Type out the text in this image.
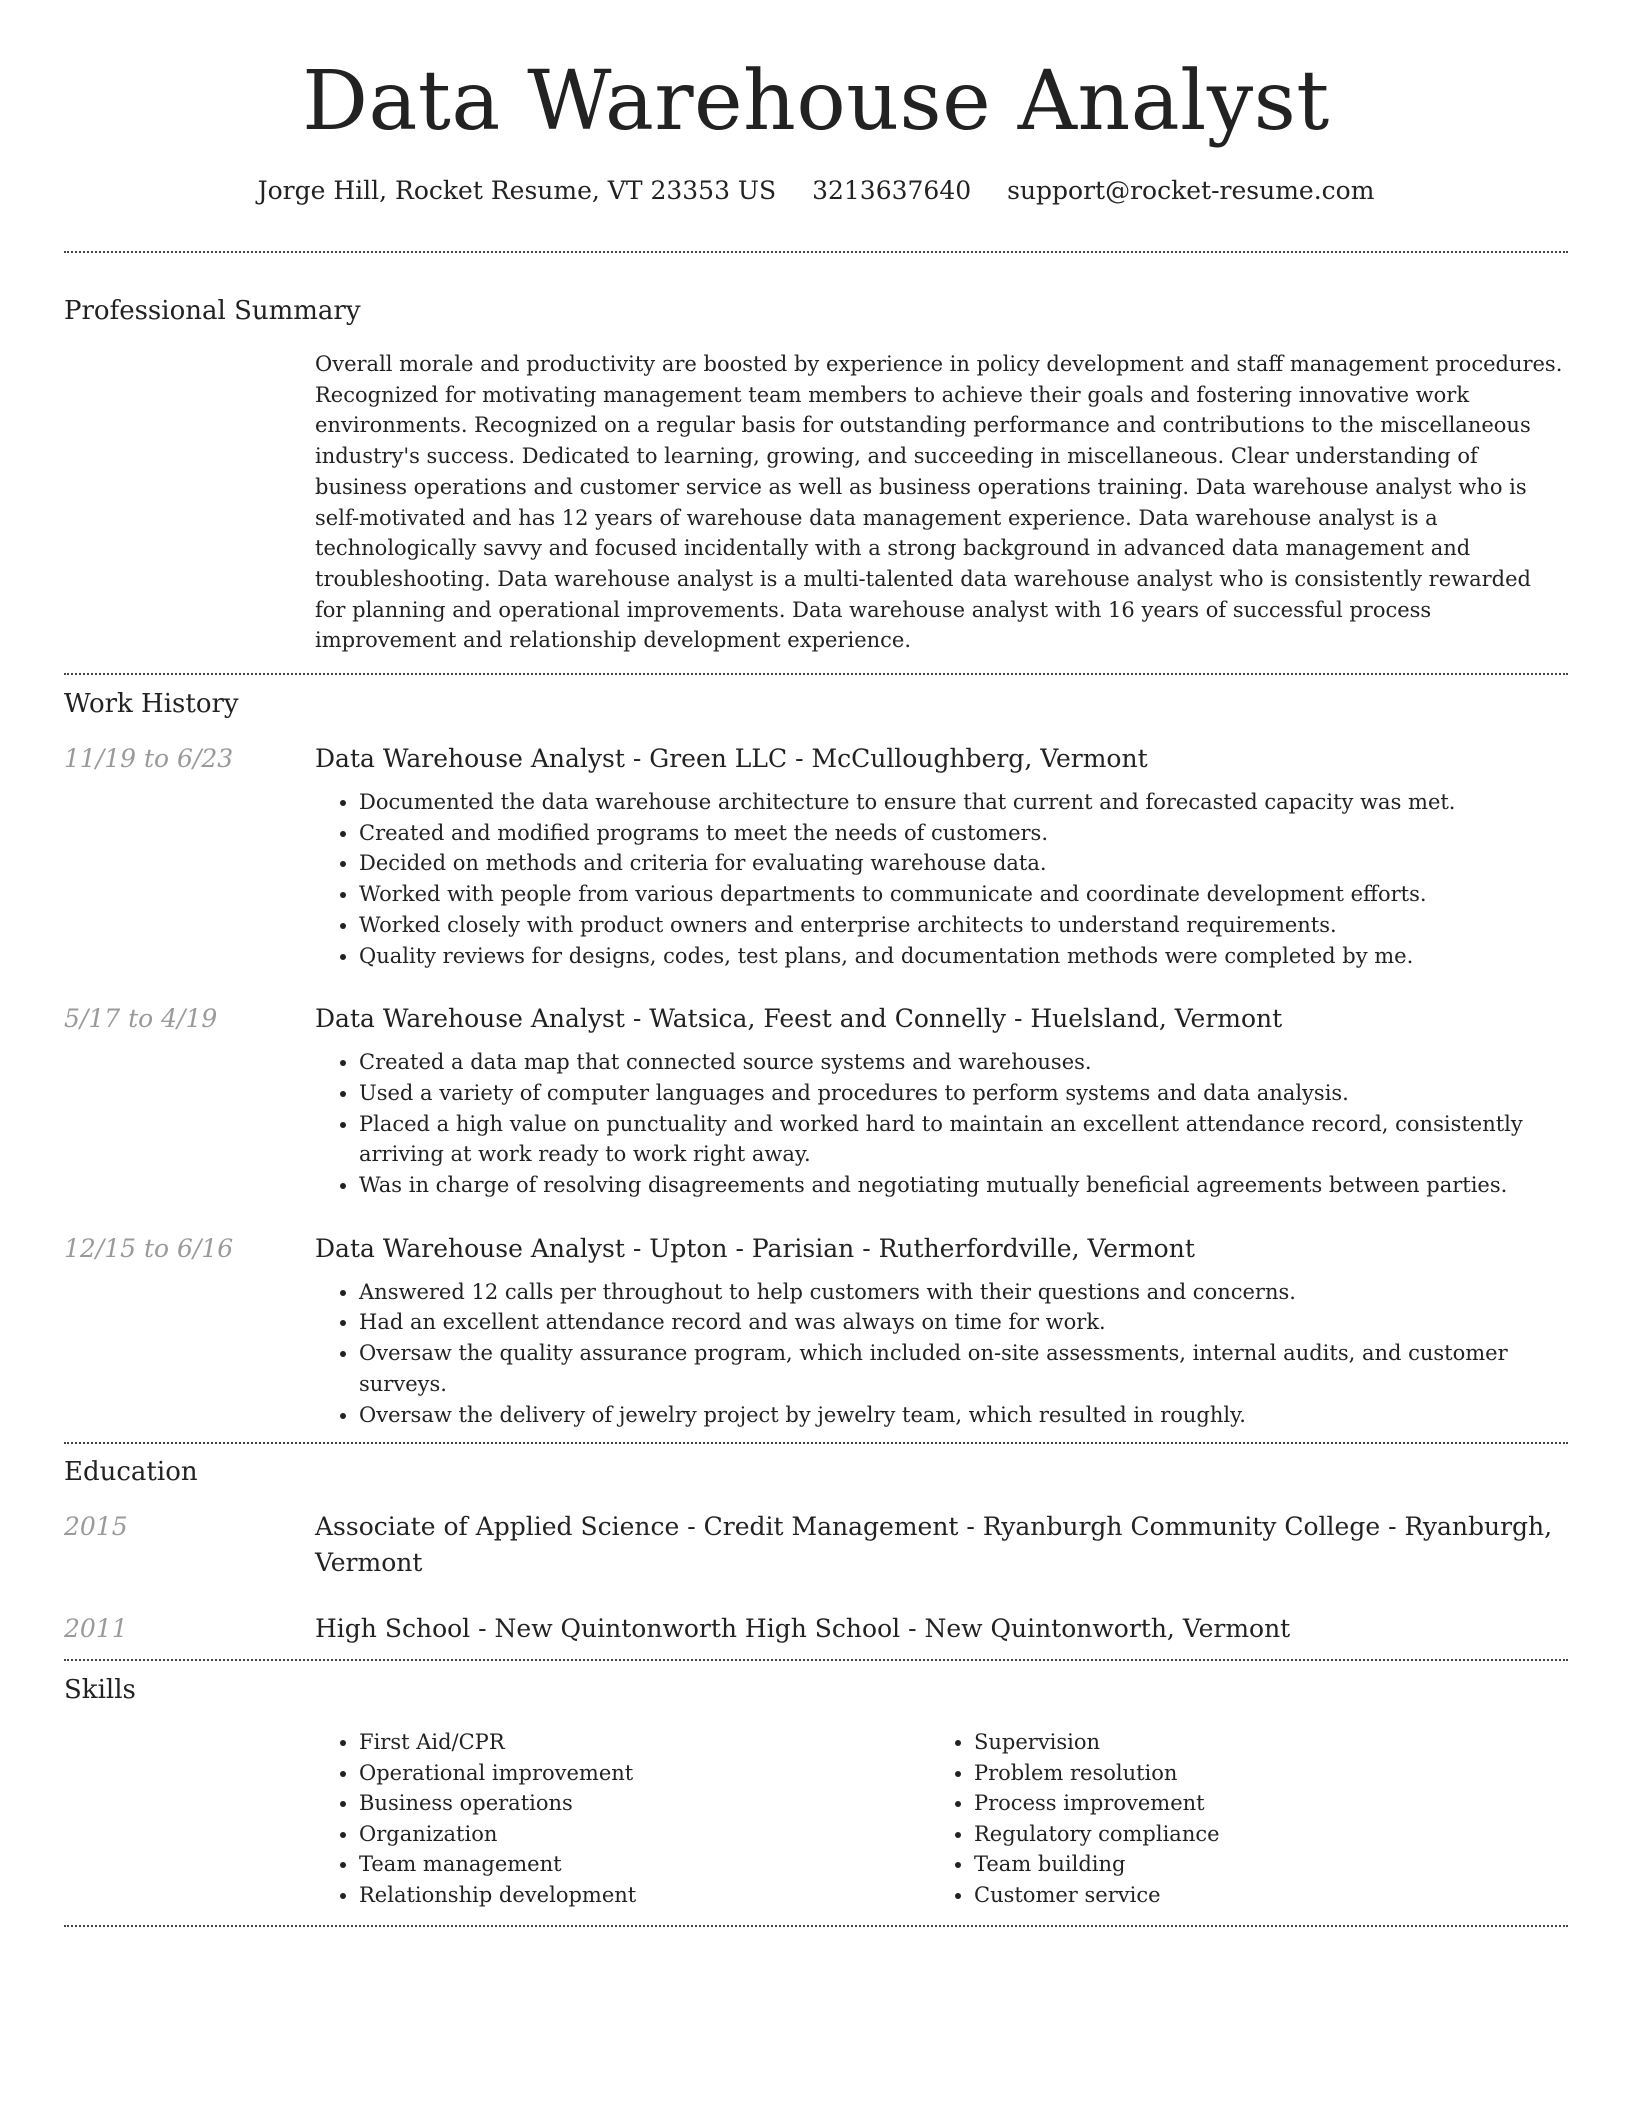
Data Warehouse Analyst
Jorge Hill, Rocket Resume, VT 23353 US 3213637640 support@rocket-resume.com
Professional Summary

Overall morale and productivity are boosted by experience in policy development and staff management procedures. Recognized for motivating management team members to achieve their goals and fostering innovative work environments. Recognized on a regular basis for outstanding performance and contributions to the miscellaneous industry's success. Dedicated to learning, growing, and succeeding in miscellaneous. Clear understanding of business operations and customer service as well as business operations training. Data warehouse analyst who is self-motivated and has 12 years of warehouse data management experience. Data warehouse analyst is a technologically savvy and focused incidentally with a strong background in advanced data management and troubleshooting. Data warehouse analyst is a multi-talented data warehouse analyst who is consistently rewarded for planning and operational improvements. Data warehouse analyst with 16 years of successful process improvement and relationship development experience.

Work History
11/19 to 6/23	Data Warehouse Analyst - Green LLC - McCulloughberg, Vermont
• Documented the data warehouse architecture to ensure that current and forecasted capacity was met.
• Created and modified programs to meet the needs of customers.
• Decided on methods and criteria for evaluating warehouse data.
• Worked with people from various departments to communicate and coordinate development efforts.
• Worked closely with product owners and enterprise architects to understand requirements.
• Quality reviews for designs, codes, test plans, and documentation methods were completed by me.
5/17 to 4/19	Data Warehouse Analyst - Watsica, Feest and Connelly - Huelsland, Vermont
• Created a data map that connected source systems and warehouses.
• Used a variety of computer languages and procedures to perform systems and data analysis.
• Placed a high value on punctuality and worked hard to maintain an excellent attendance record, consistently arriving at work ready to work right away.
• Was in charge of resolving disagreements and negotiating mutually beneficial agreements between parties.
12/15 to 6/16	Data Warehouse Analyst - Upton - Parisian - Rutherfordville, Vermont
• Answered 12 calls per throughout to help customers with their questions and concerns.
• Had an excellent attendance record and was always on time for work.
• Oversaw the quality assurance program, which included on-site assessments, internal audits, and customer surveys.
• Oversaw the delivery of jewelry project by jewelry team, which resulted in roughly.
Education
2015	Associate of Applied Science - Credit Management - Ryanburgh Community College - Ryanburgh, Vermont
2011	High School - New Quintonworth High School - New Quintonworth, Vermont
Skills
• First Aid/CPR
• Operational improvement
• Business operations
• Organization
• Team management
• Relationship development
• Supervision
• Problem resolution
• Process improvement
• Regulatory compliance
• Team building
• Customer service
